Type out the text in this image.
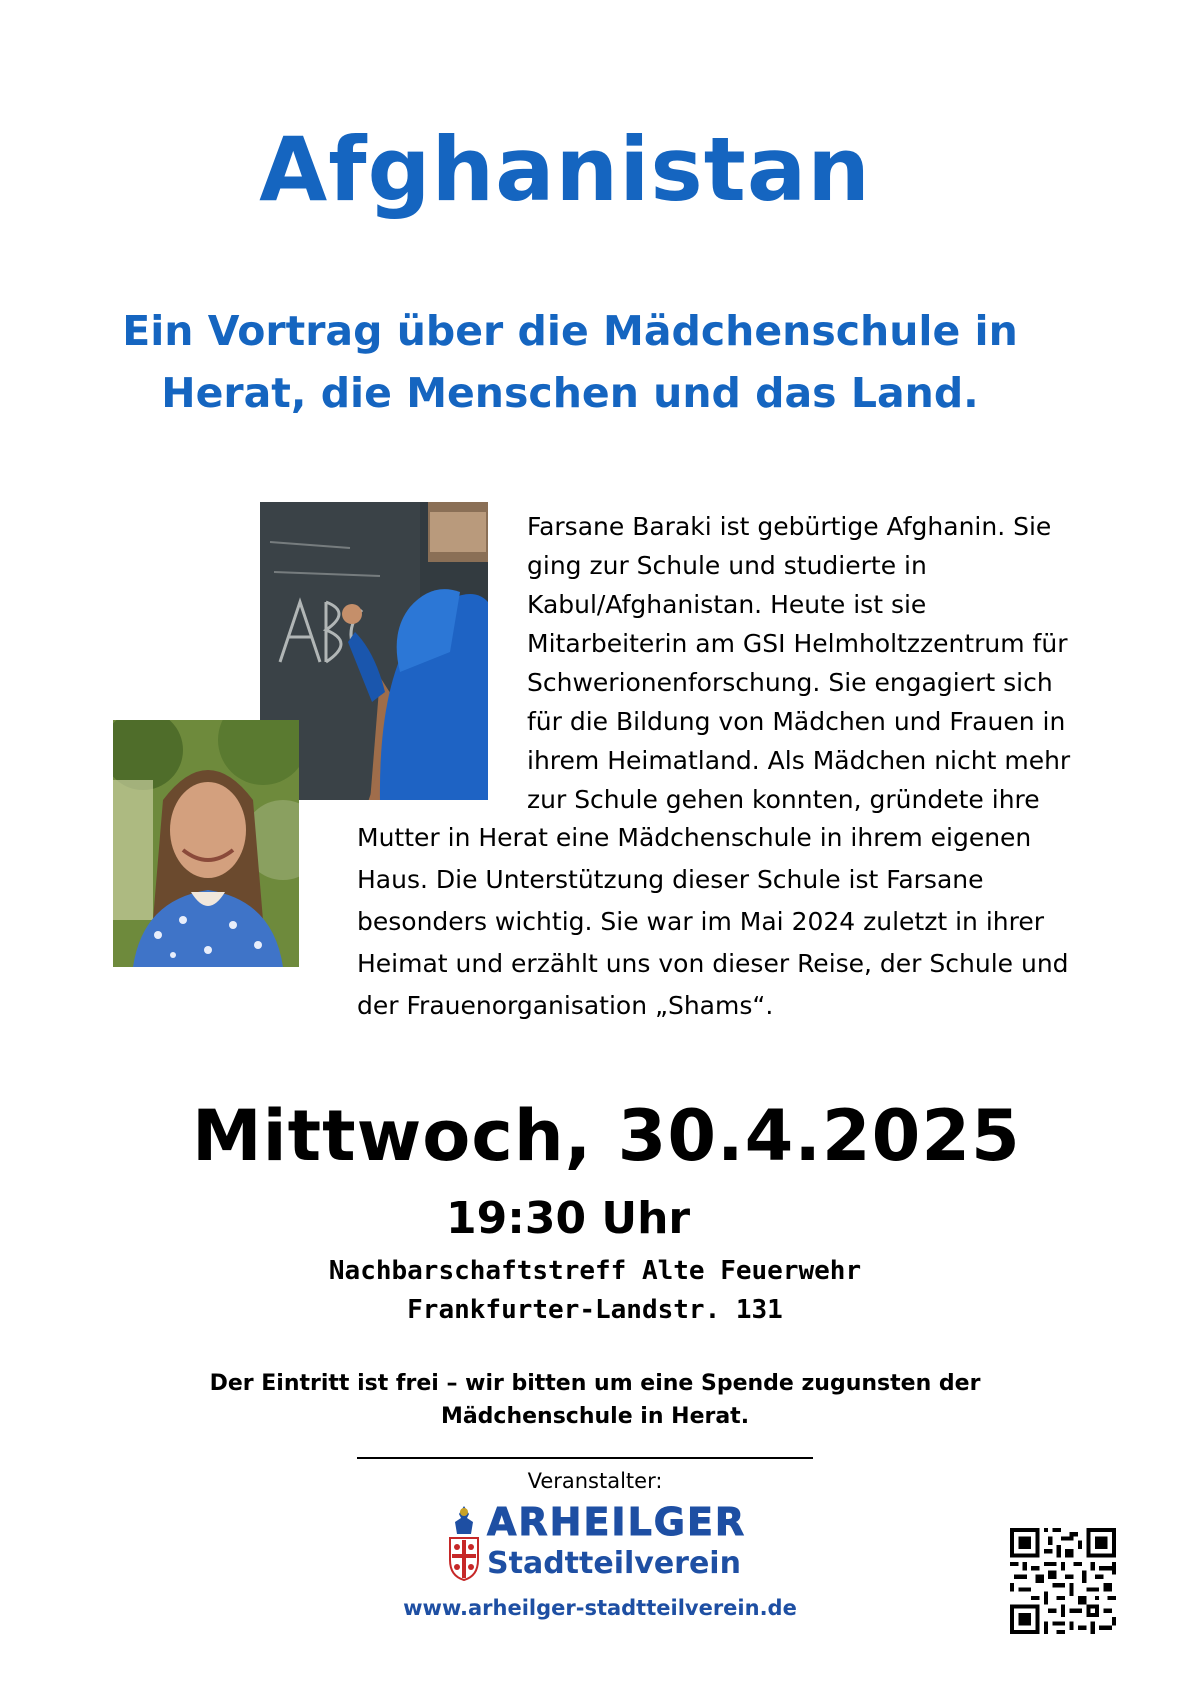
Afghanistan
Ein Vortrag über die Mädchenschule in
Herat, die Menschen und das Land.
Farsane Baraki ist gebürtige Afghanin. Sie
ging zur Schule und studierte in
Kabul/Afghanistan. Heute ist sie
Mitarbeiterin am GSI Helmholtzzentrum für
Schwerionenforschung. Sie engagiert sich
für die Bildung von Mädchen und Frauen in
ihrem Heimatland. Als Mädchen nicht mehr
zur Schule gehen konnten, gründete ihre
Mutter in Herat eine Mädchenschule in ihrem eigenen
Haus. Die Unterstützung dieser Schule ist Farsane
besonders wichtig. Sie war im Mai 2024 zuletzt in ihrer
Heimat und erzählt uns von dieser Reise, der Schule und
der Frauenorganisation „Shams“.
Mittwoch, 30.4.2025
19:30 Uhr
Nachbarschaftstreff Alte Feuerwehr
Frankfurter-Landstr. 131
Der Eintritt ist frei – wir bitten um eine Spende zugunsten der
Mädchenschule in Herat.
Veranstalter:
ARHEILGER
Stadtteilverein
www.arheilger-stadtteilverein.de
